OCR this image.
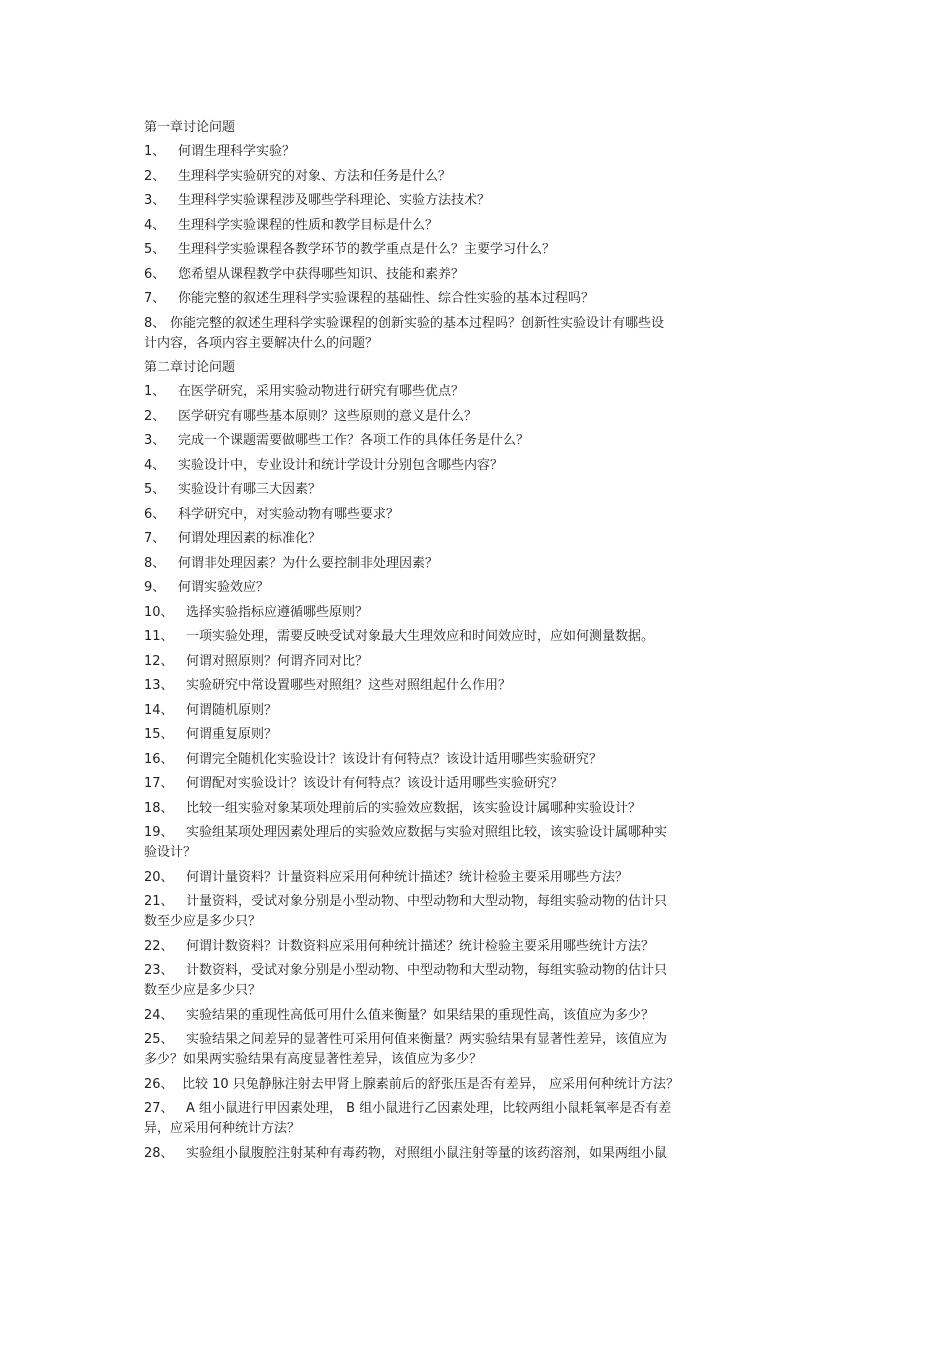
第一章讨论问题
1、 何谓生理科学实验？
2、 生理科学实验研究的对象、方法和任务是什么？
3、 生理科学实验课程涉及哪些学科理论、实验方法技术？
4、 生理科学实验课程的性质和教学目标是什么？
5、 生理科学实验课程各教学环节的教学重点是什么？主要学习什么？
6、 您希望从课程教学中获得哪些知识、技能和素养？
7、 你能完整的叙述生理科学实验课程的基础性、综合性实验的基本过程吗？
8、 你能完整的叙述生理科学实验课程的创新实验的基本过程吗？创新性实验设计有哪些设
计内容，各项内容主要解决什么的问题？
第二章讨论问题
1、 在医学研究，采用实验动物进行研究有哪些优点？
2、 医学研究有哪些基本原则？这些原则的意义是什么？
3、 完成一个课题需要做哪些工作？各项工作的具体任务是什么？
4、 实验设计中，专业设计和统计学设计分别包含哪些内容？
5、 实验设计有哪三大因素？
6、 科学研究中，对实验动物有哪些要求？
7、 何谓处理因素的标准化？
8、 何谓非处理因素？为什么要控制非处理因素？
9、 何谓实验效应？
10、 选择实验指标应遵循哪些原则？
11、 一项实验处理，需要反映受试对象最大生理效应和时间效应时，应如何测量数据。
12、 何谓对照原则？何谓齐同对比？
13、 实验研究中常设置哪些对照组？这些对照组起什么作用？
14、 何谓随机原则？
15、 何谓重复原则？
16、 何谓完全随机化实验设计？该设计有何特点？该设计适用哪些实验研究？
17、 何谓配对实验设计？该设计有何特点？该设计适用哪些实验研究？
18、 比较一组实验对象某项处理前后的实验效应数据，该实验设计属哪种实验设计？
19、 实验组某项处理因素处理后的实验效应数据与实验对照组比较，该实验设计属哪种实
验设计？
20、 何谓计量资料？计量资料应采用何种统计描述？统计检验主要采用哪些方法？
21、 计量资料，受试对象分别是小型动物、中型动物和大型动物，每组实验动物的估计只
数至少应是多少只？
22、 何谓计数资料？计数资料应采用何种统计描述？统计检验主要采用哪些统计方法？
23、 计数资料，受试对象分别是小型动物、中型动物和大型动物，每组实验动物的估计只
数至少应是多少只？
24、 实验结果的重现性高低可用什么值来衡量？如果结果的重现性高，该值应为多少？
25、 实验结果之间差异的显著性可采用何值来衡量？两实验结果有显著性差异，该值应为
多少？如果两实验结果有高度显著性差异，该值应为多少？
26、 比较 10 只兔静脉注射去甲肾上腺素前后的舒张压是否有差异， 应采用何种统计方法？
27、 A 组小鼠进行甲因素处理， B 组小鼠进行乙因素处理，比较两组小鼠耗氧率是否有差
异，应采用何种统计方法？
28、 实验组小鼠腹腔注射某种有毒药物，对照组小鼠注射等量的该药溶剂，如果两组小鼠
